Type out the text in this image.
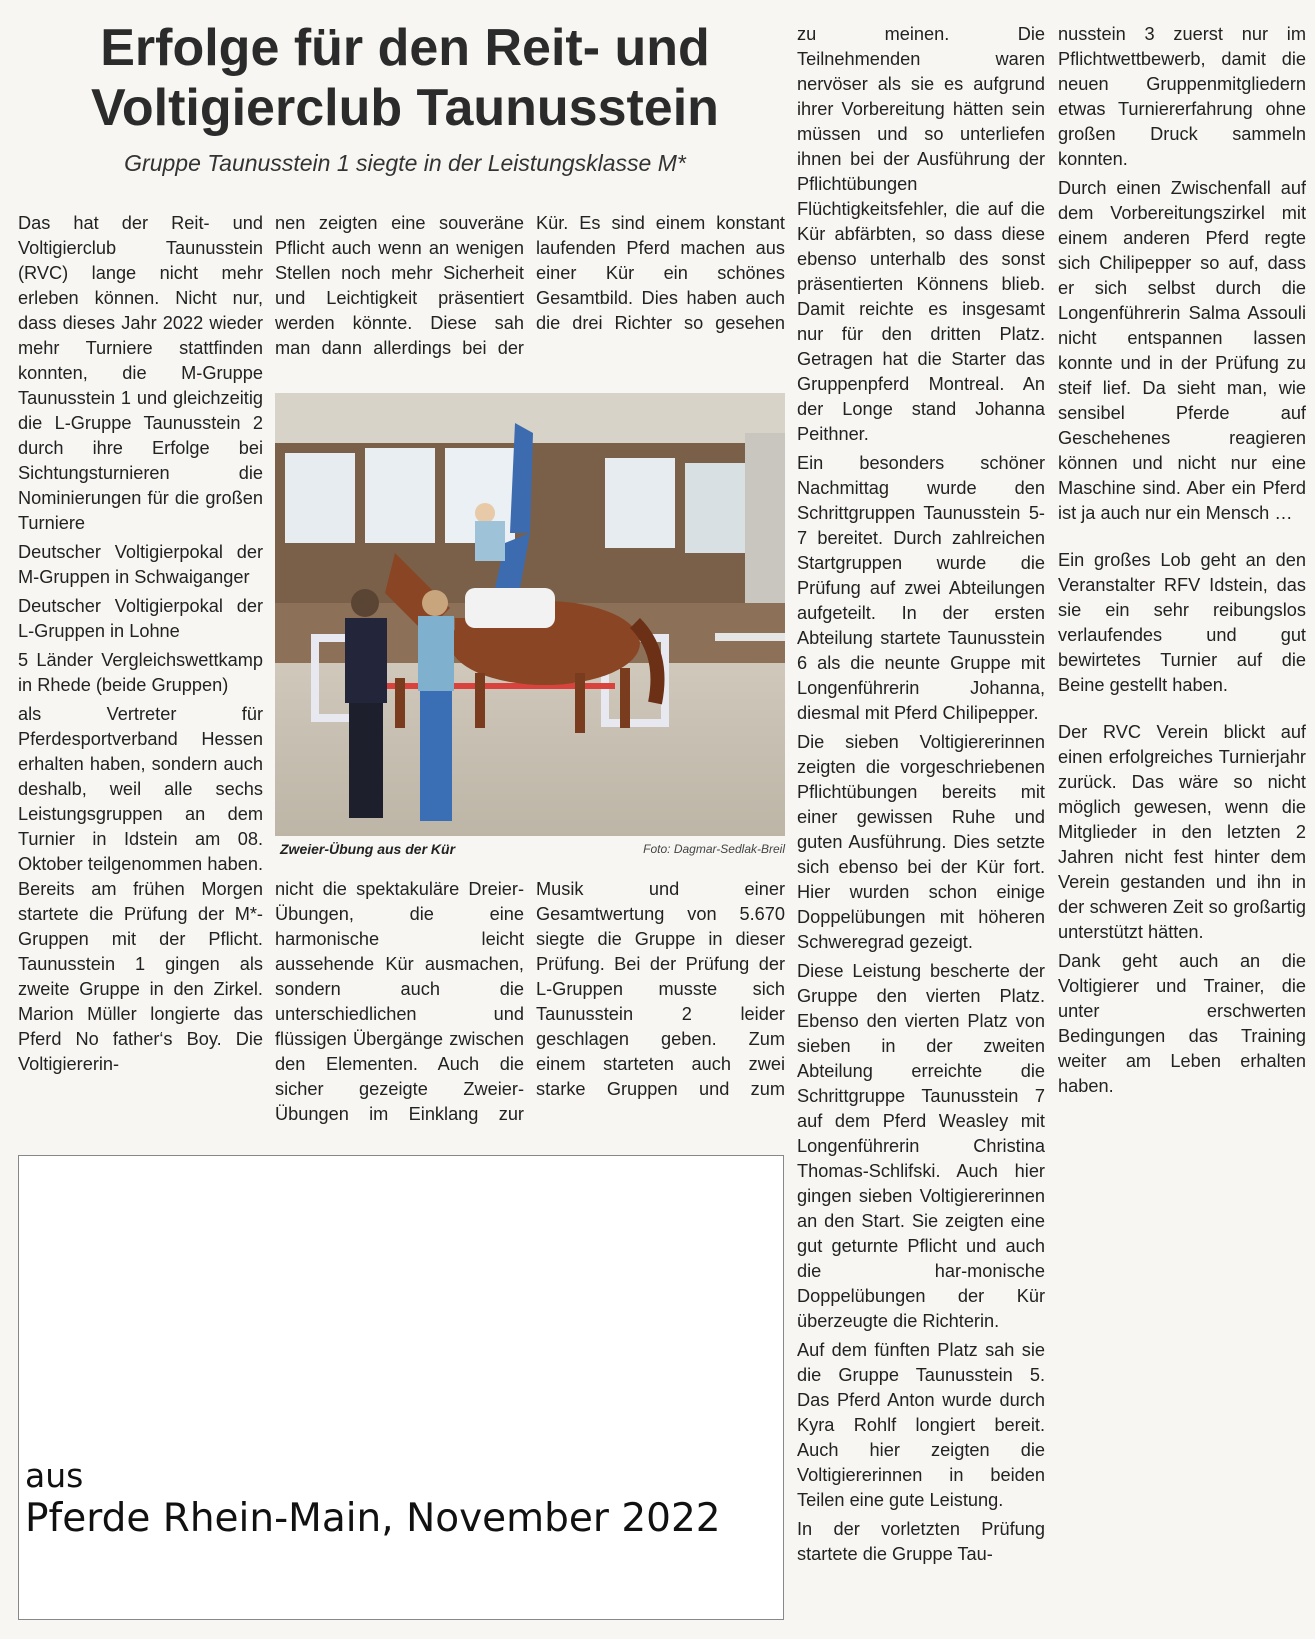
Erfolge für den Reit- und
Voltigierclub Taunusstein

Gruppe Taunusstein 1 siegte in der Leistungsklasse M*

Das hat der Reit- und Voltigierclub Taunusstein (RVC) lange nicht mehr erleben können. Nicht nur, dass dieses Jahr 2022 wieder mehr Turniere stattfinden konnten, die M-Gruppe Taunusstein 1 und gleichzeitig die L-Gruppe Taunusstein 2 durch ihre Erfolge bei Sichtungsturnieren die Nominierungen für die großen Turniere

Deutscher Voltigierpokal der M-Gruppen in Schwaiganger

Deutscher Voltigierpokal der L-Gruppen in Lohne

5 Länder Vergleichswettkamp in Rhede (beide Gruppen)

als Vertreter für Pferdesportverband Hessen erhalten haben, sondern auch deshalb, weil alle sechs Leistungsgruppen an dem Turnier in Idstein am 08. Oktober teilgenommen haben. Bereits am frühen Morgen startete die Prüfung der M*-Gruppen mit der Pflicht. Taunusstein 1 gingen als zweite Gruppe in den Zirkel. Marion Müller longierte das Pferd No father‘s Boy. Die Voltigiererin-

nen zeigten eine souveräne Pflicht auch wenn an wenigen Stellen noch mehr Sicherheit und Leichtigkeit präsentiert werden könnte. Diese sah man dann allerdings bei der Kür. Es sind einem konstant laufenden Pferd machen aus einer Kür ein schönes Gesamtbild. Dies haben auch die drei Richter so gesehen

Zweier-Übung aus der Kür	Foto: Dagmar-Sedlak-Breil

nicht die spektakuläre Dreier-Übungen, die eine harmonische leicht aussehende Kür ausmachen, sondern auch die unterschiedlichen und flüssigen Übergänge zwischen den Elementen. Auch die sicher gezeigte Zweier-Übungen im Einklang zur Musik und einer Gesamtwertung von 5.670 siegte die Gruppe in dieser Prüfung. Bei der Prüfung der L-Gruppen musste sich Taunusstein 2 leider geschlagen geben. Zum einem starteten auch zwei starke Gruppen und zum

zu meinen. Die Teilnehmenden waren nervöser als sie es aufgrund ihrer Vorbereitung hätten sein müssen und so unterliefen ihnen bei der Ausführung der Pflichtübungen Flüchtigkeitsfehler, die auf die Kür abfärbten, so dass diese ebenso unterhalb des sonst präsentierten Könnens blieb. Damit reichte es insgesamt nur für den dritten Platz. Getragen hat die Starter das Gruppenpferd Montreal. An der Longe stand Johanna Peithner.

Ein besonders schöner Nachmittag wurde den Schrittgruppen Taunusstein 5-7 bereitet. Durch zahlreichen Startgruppen wurde die Prüfung auf zwei Abteilungen aufgeteilt. In der ersten Abteilung startete Taunusstein 6 als die neunte Gruppe mit Longenführerin Johanna, diesmal mit Pferd Chilipepper.

Die sieben Voltigiererinnen zeigten die vorgeschriebenen Pflichtübungen bereits mit einer gewissen Ruhe und guten Ausführung. Dies setzte sich ebenso bei der Kür fort. Hier wurden schon einige Doppelübungen mit höheren Schweregrad gezeigt.

Diese Leistung bescherte der Gruppe den vierten Platz. Ebenso den vierten Platz von sieben in der zweiten Abteilung erreichte die Schrittgruppe Taunusstein 7 auf dem Pferd Weasley mit Longenführerin Christina Thomas-Schlifski. Auch hier gingen sieben Voltigiererinnen an den Start. Sie zeigten eine gut geturnte Pflicht und auch die har-monische Doppelübungen der Kür überzeugte die Richterin.

Auf dem fünften Platz sah sie die Gruppe Taunusstein 5. Das Pferd Anton wurde durch Kyra Rohlf longiert bereit. Auch hier zeigten die Voltigiererinnen in beiden Teilen eine gute Leistung.

In der vorletzten Prüfung startete die Gruppe Tau-

nusstein 3 zuerst nur im Pflichtwettbewerb, damit die neuen Gruppenmitgliedern etwas Turniererfahrung ohne großen Druck sammeln konnten.

Durch einen Zwischenfall auf dem Vorbereitungszirkel mit einem anderen Pferd regte sich Chilipepper so auf, dass er sich selbst durch die Longenführerin Salma Assouli nicht entspannen lassen konnte und in der Prüfung zu steif lief. Da sieht man, wie sensibel Pferde auf Geschehenes reagieren können und nicht nur eine Maschine sind. Aber ein Pferd ist ja auch nur ein Mensch …

Ein großes Lob geht an den Veranstalter RFV Idstein, das sie ein sehr reibungslos verlaufendes und gut bewirtetes Turnier auf die Beine gestellt haben.

Der RVC Verein blickt auf einen erfolgreiches Turnierjahr zurück. Das wäre so nicht möglich gewesen, wenn die Mitglieder in den letzten 2 Jahren nicht fest hinter dem Verein gestanden und ihn in der schweren Zeit so großartig unterstützt hätten.

Dank geht auch an die Voltigierer und Trainer, die unter erschwerten Bedingungen das Training weiter am Leben erhalten haben.

aus
Pferde Rhein-Main, November 2022
